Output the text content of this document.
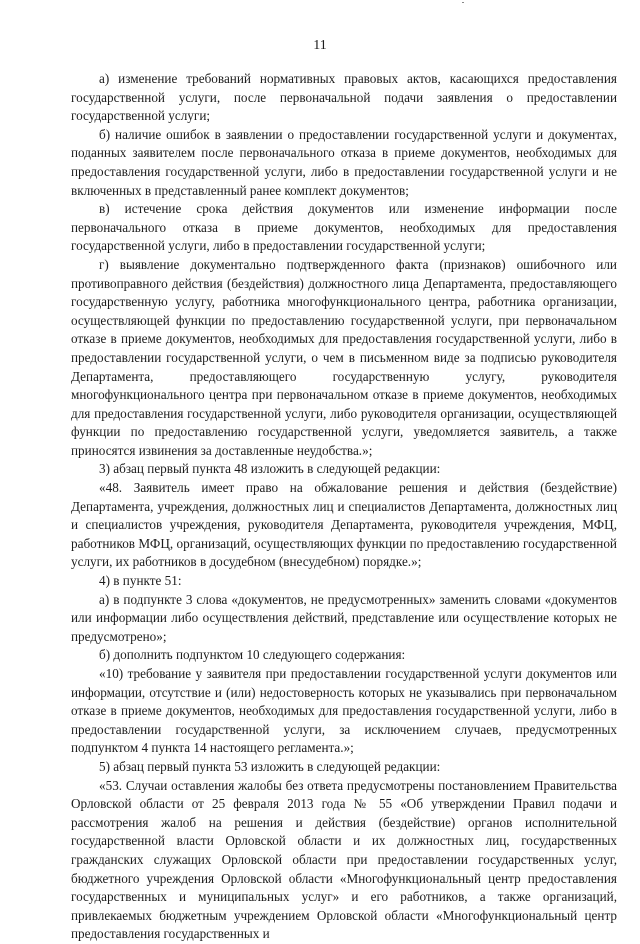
11

а) изменение требований нормативных правовых актов, касающихся предоставления государственной услуги, после первоначальной подачи заявления о предоставлении государственной услуги;

б) наличие ошибок в заявлении о предоставлении государственной услуги и документах, поданных заявителем после первоначального отказа в приеме документов, необходимых для предоставления государственной услуги, либо в предоставлении государственной услуги и не включенных в представленный ранее комплект документов;

в) истечение срока действия документов или изменение информации после первоначального отказа в приеме документов, необходимых для предоставления государственной услуги, либо в предоставлении государственной услуги;

г) выявление документально подтвержденного факта (признаков) ошибочного или противоправного действия (бездействия) должностного лица Департамента, предоставляющего государственную услугу, работника многофункционального центра, работника организации, осуществляющей функции по предоставлению государственной услуги, при первоначальном отказе в приеме документов, необходимых для предоставления государственной услуги, либо в предоставлении государственной услуги, о чем в письменном виде за подписью руководителя Департамента, предоставляющего государственную услугу, руководителя многофункционального центра при первоначальном отказе в приеме документов, необходимых для предоставления государственной услуги, либо руководителя организации, осуществляющей функции по предоставлению государственной услуги, уведомляется заявитель, а также приносятся извинения за доставленные неудобства.»;

3) абзац первый пункта 48 изложить в следующей редакции:

«48. Заявитель имеет право на обжалование решения и действия (бездействие) Департамента, учреждения, должностных лиц и специалистов Департамента, должностных лиц и специалистов учреждения, руководителя Департамента, руководителя учреждения, МФЦ, работников МФЦ, организаций, осуществляющих функции по предоставлению государственной услуги, их работников в досудебном (внесудебном) порядке.»;

4) в пункте 51:

а) в подпункте 3 слова «документов, не предусмотренных» заменить словами «документов или информации либо осуществления действий, представление или осуществление которых не предусмотрено»;

б) дополнить подпунктом 10 следующего содержания:

«10) требование у заявителя при предоставлении государственной услуги документов или информации, отсутствие и (или) недостоверность которых не указывались при первоначальном отказе в приеме документов, необходимых для предоставления государственной услуги, либо в предоставлении государственной услуги, за исключением случаев, предусмотренных подпунктом 4 пункта 14 настоящего регламента.»;

5) абзац первый пункта 53 изложить в следующей редакции:

«53. Случаи оставления жалобы без ответа предусмотрены постановлением Правительства Орловской области от 25 февраля 2013 года № 55 «Об утверждении Правил подачи и рассмотрения жалоб на решения и действия (бездействие) органов исполнительной государственной власти Орловской области и их должностных лиц, государственных гражданских служащих Орловской области при предоставлении государственных услуг, бюджетного учреждения Орловской области «Многофункциональный центр предоставления государственных и муниципальных услуг» и его работников, а также организаций, привлекаемых бюджетным учреждением Орловской области «Многофункциональный центр предоставления государственных и
